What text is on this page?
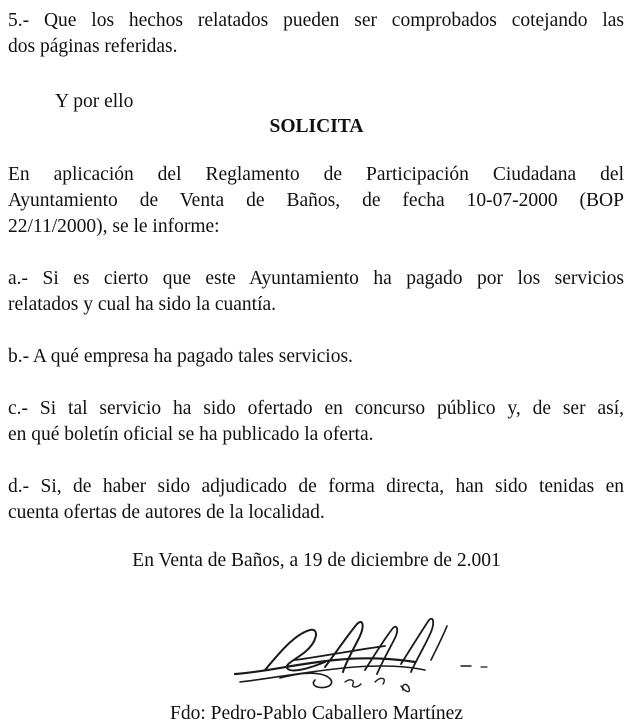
5.- Que los hechos relatados pueden ser comprobados cotejando las
dos páginas referidas.

Y por ello

SOLICITA

En aplicación del Reglamento de Participación Ciudadana del
Ayuntamiento de Venta de Baños, de fecha 10-07-2000 (BOP
22/11/2000), se le informe:

a.- Si es cierto que este Ayuntamiento ha pagado por los servicios
relatados y cual ha sido la cuantía.

b.- A qué empresa ha pagado tales servicios.

c.- Si tal servicio ha sido ofertado en concurso público y, de ser así,
en qué boletín oficial se ha publicado la oferta.

d.- Si, de haber sido adjudicado de forma directa, han sido tenidas en
cuenta ofertas de autores de la localidad.

En Venta de Baños, a 19 de diciembre de 2.001
Fdo: Pedro-Pablo Caballero Martínez
